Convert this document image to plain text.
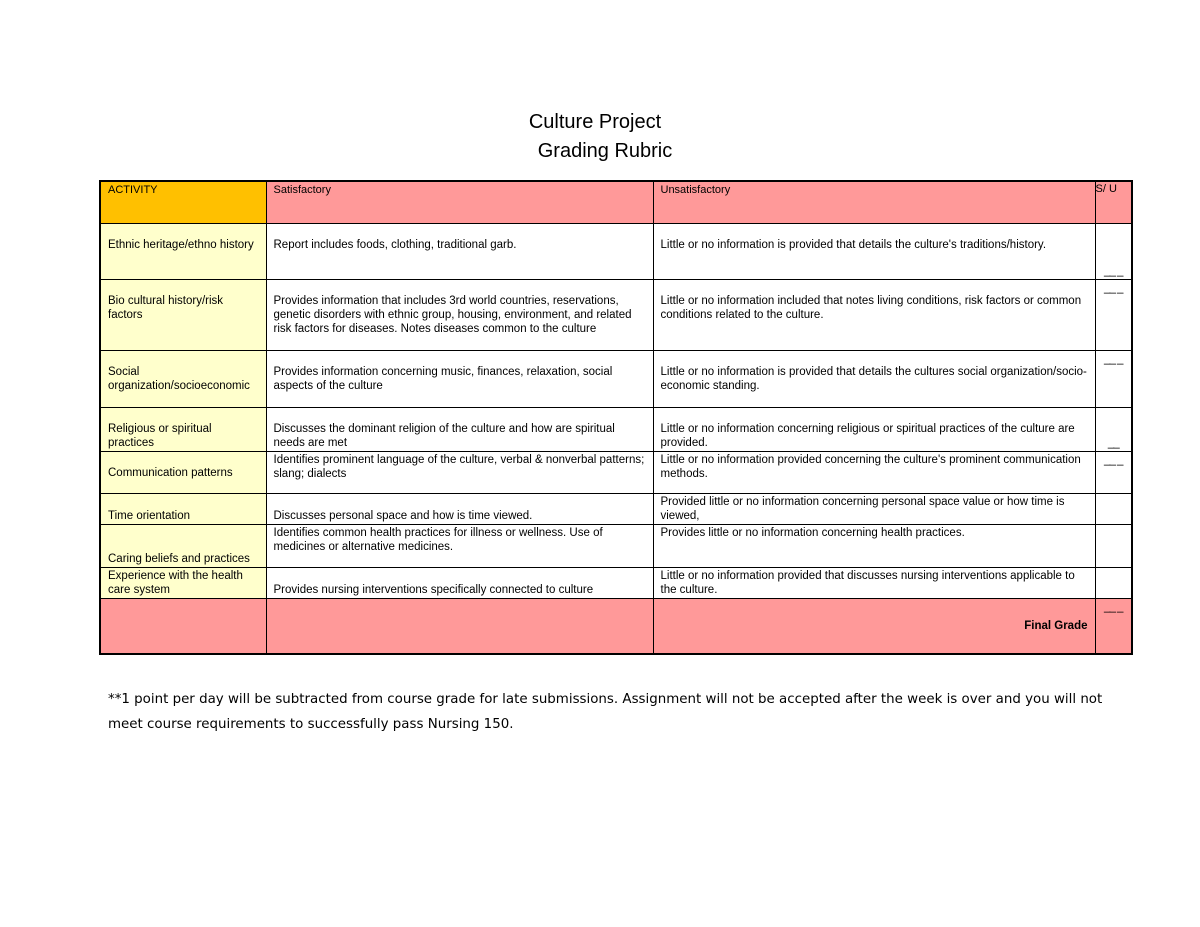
Culture Project
Grading Rubric
ACTIVITY	Satisfactory	Unsatisfactory	S/ U
Ethnic heritage/ethno history	Report includes foods, clothing, traditional garb.	Little or no information is provided that details the culture's traditions/history.	__ _

Bio cultural history/risk factors	Provides information that includes 3rd world countries, reservations, genetic disorders with ethnic group, housing, environment, and related risk factors for diseases. Notes diseases common to the culture	Little or no information included that notes living conditions, risk factors or common conditions related to the culture.	__ _

Social organization/socioeconomic	Provides information concerning music, finances, relaxation, social aspects of the culture	Little or no information is provided that details the cultures social organization/socio-economic standing.	__ _

Religious or spiritual practices	Discusses the dominant religion of the culture and how are spiritual needs are met	Little or no information concerning religious or spiritual practices of the culture are provided.	__

Communication patterns	Identifies prominent language of the culture, verbal & nonverbal patterns; slang; dialects	Little or no information provided concerning the culture's prominent communication methods.	__ _

Time orientation	Discusses personal space and how is time viewed.	Provided little or no information concerning personal space value or how time is viewed,	

Caring beliefs and practices	Identifies common health practices for illness or wellness. Use of medicines or alternative medicines.	Provides little or no information concerning health practices.	

Experience with the health care system	Provides nursing interventions specifically connected to culture	Little or no information provided that discusses nursing interventions applicable to the culture.	

		Final Grade	__ _
**1 point per day will be subtracted from course grade for late submissions. Assignment will not be accepted after the week is over and you will not meet course requirements to successfully pass Nursing 150.
